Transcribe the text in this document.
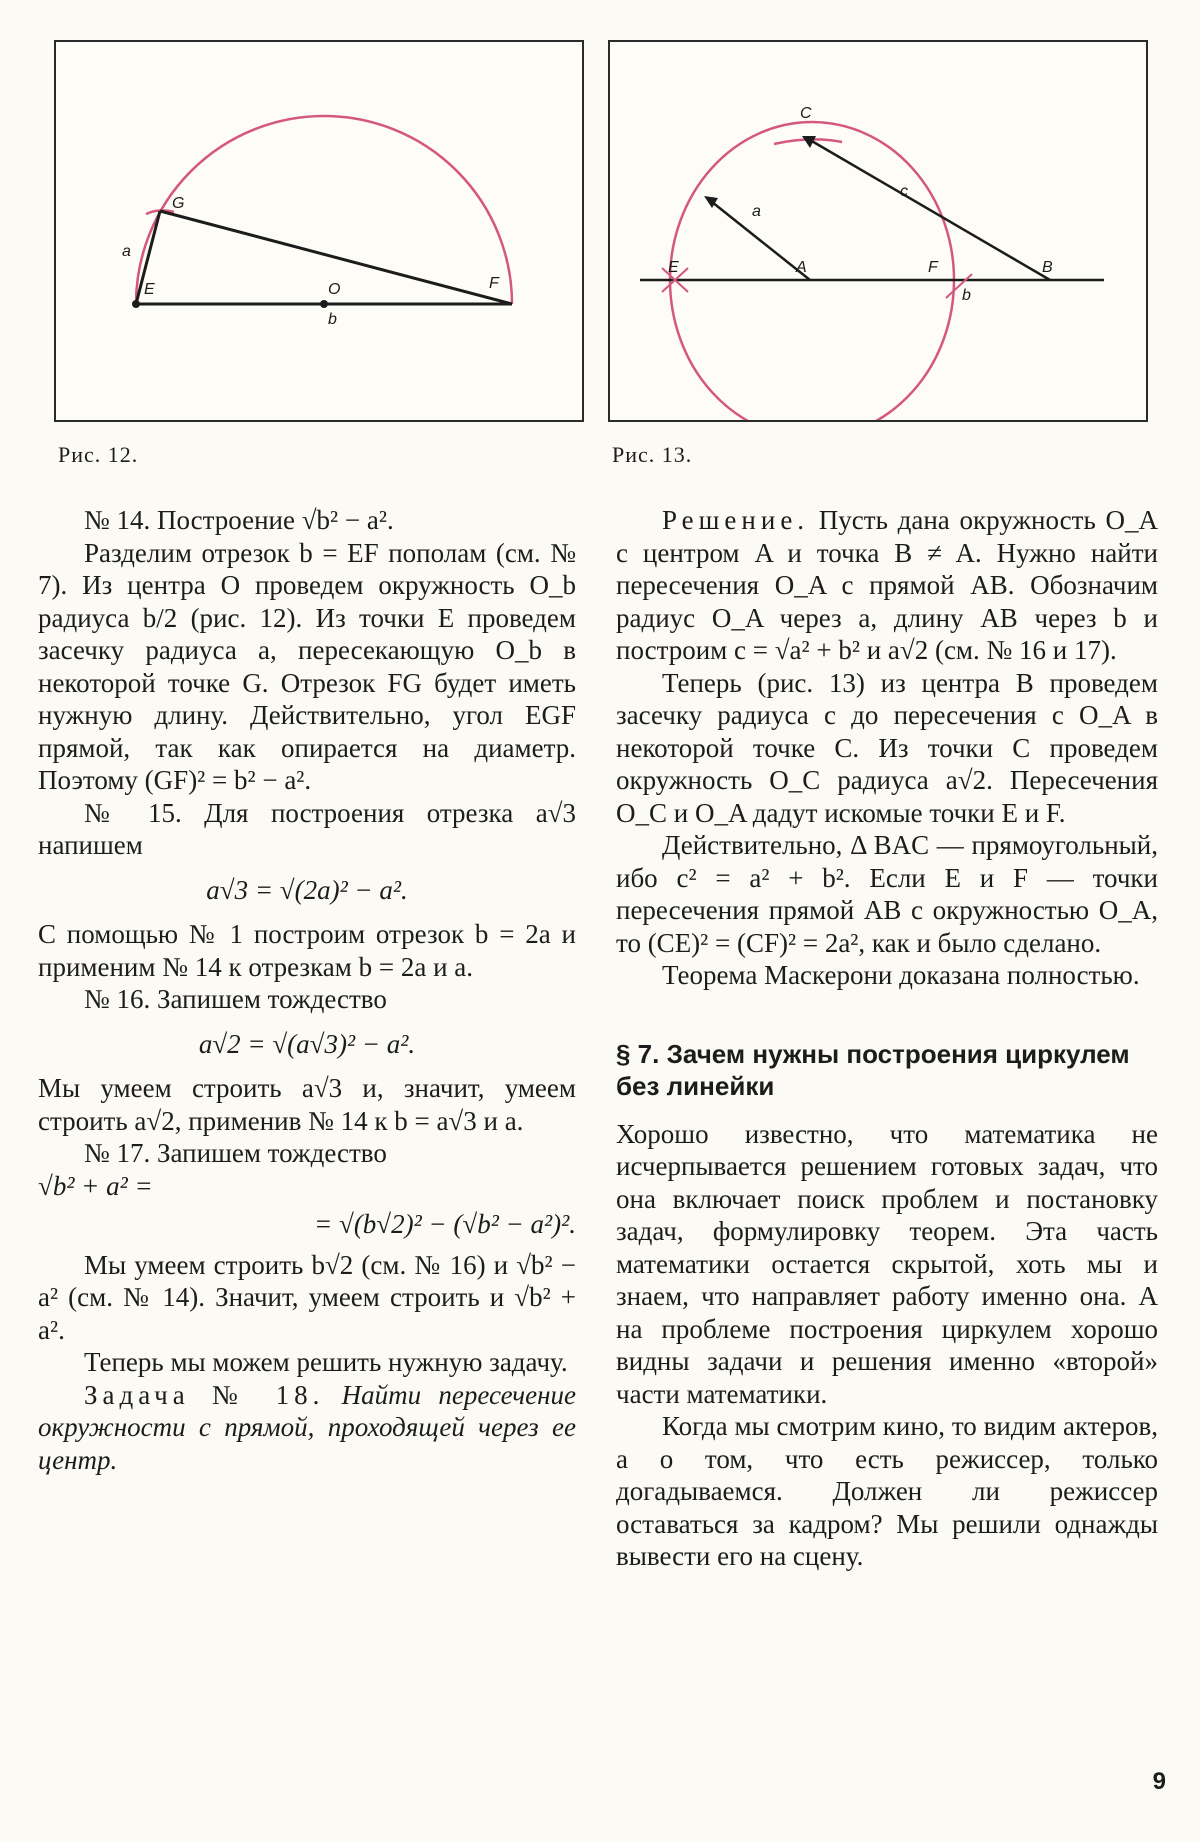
G
a
E	O
b
F
Рис. 12.
C
c
a
E	A	F	B
b
Рис. 13.

№ 14. Построение √b² − a².

Разделим отрезок b = EF пополам (см. № 7). Из центра O проведем окружность O_b радиуса b/2 (рис. 12). Из точки E проведем засечку радиуса a, пересекающую O_b в некоторой точке G. Отрезок FG будет иметь нужную длину. Действительно, угол EGF прямой, так как опирается на диаметр. Поэтому (GF)² = b² − a².

№ 15. Для построения отрезка a√3 напишем

a√3 = √(2a)² − a².

С помощью № 1 построим отрезок b = 2a и применим № 14 к отрезкам b = 2a и a.

№ 16. Запишем тождество

a√2 = √(a√3)² − a².

Мы умеем строить a√3 и, значит, умеем строить a√2, применив № 14 к b = a√3 и a.

№ 17. Запишем тождество

√b² + a² =

= √(b√2)² − (√b² − a²)².

Мы умеем строить b√2 (см. № 16) и √b² − a² (см. № 14). Значит, умеем строить и √b² + a².

Теперь мы можем решить нужную задачу.

Задача № 18. Найти пересечение окружности с прямой, проходящей через ее центр.

Решение. Пусть дана окружность O_A с центром A и точка B ≠ A. Нужно найти пересечения O_A с прямой AB. Обозначим радиус O_A через a, длину AB через b и построим c = √a² + b² и a√2 (см. № 16 и 17).

Теперь (рис. 13) из центра B проведем засечку радиуса c до пересечения с O_A в некоторой точке C. Из точки C проведем окружность O_C радиуса a√2. Пересечения O_C и O_A дадут искомые точки E и F.

Действительно, Δ BAC — прямоугольный, ибо c² = a² + b². Если E и F — точки пересечения прямой AB с окружностью O_A, то (CE)² = (CF)² = 2a², как и было сделано.

Теорема Маскерони доказана полностью.

§ 7. Зачем нужны построения циркулем без линейки

Хорошо известно, что математика не исчерпывается решением готовых задач, что она включает поиск проблем и постановку задач, формулировку теорем. Эта часть математики остается скрытой, хоть мы и знаем, что направляет работу именно она. А на проблеме построения циркулем хорошо видны задачи и решения именно «второй» части математики.

Когда мы смотрим кино, то видим актеров, а о том, что есть режиссер, только догадываемся. Должен ли режиссер оставаться за кадром? Мы решили однажды вывести его на сцену.

9
